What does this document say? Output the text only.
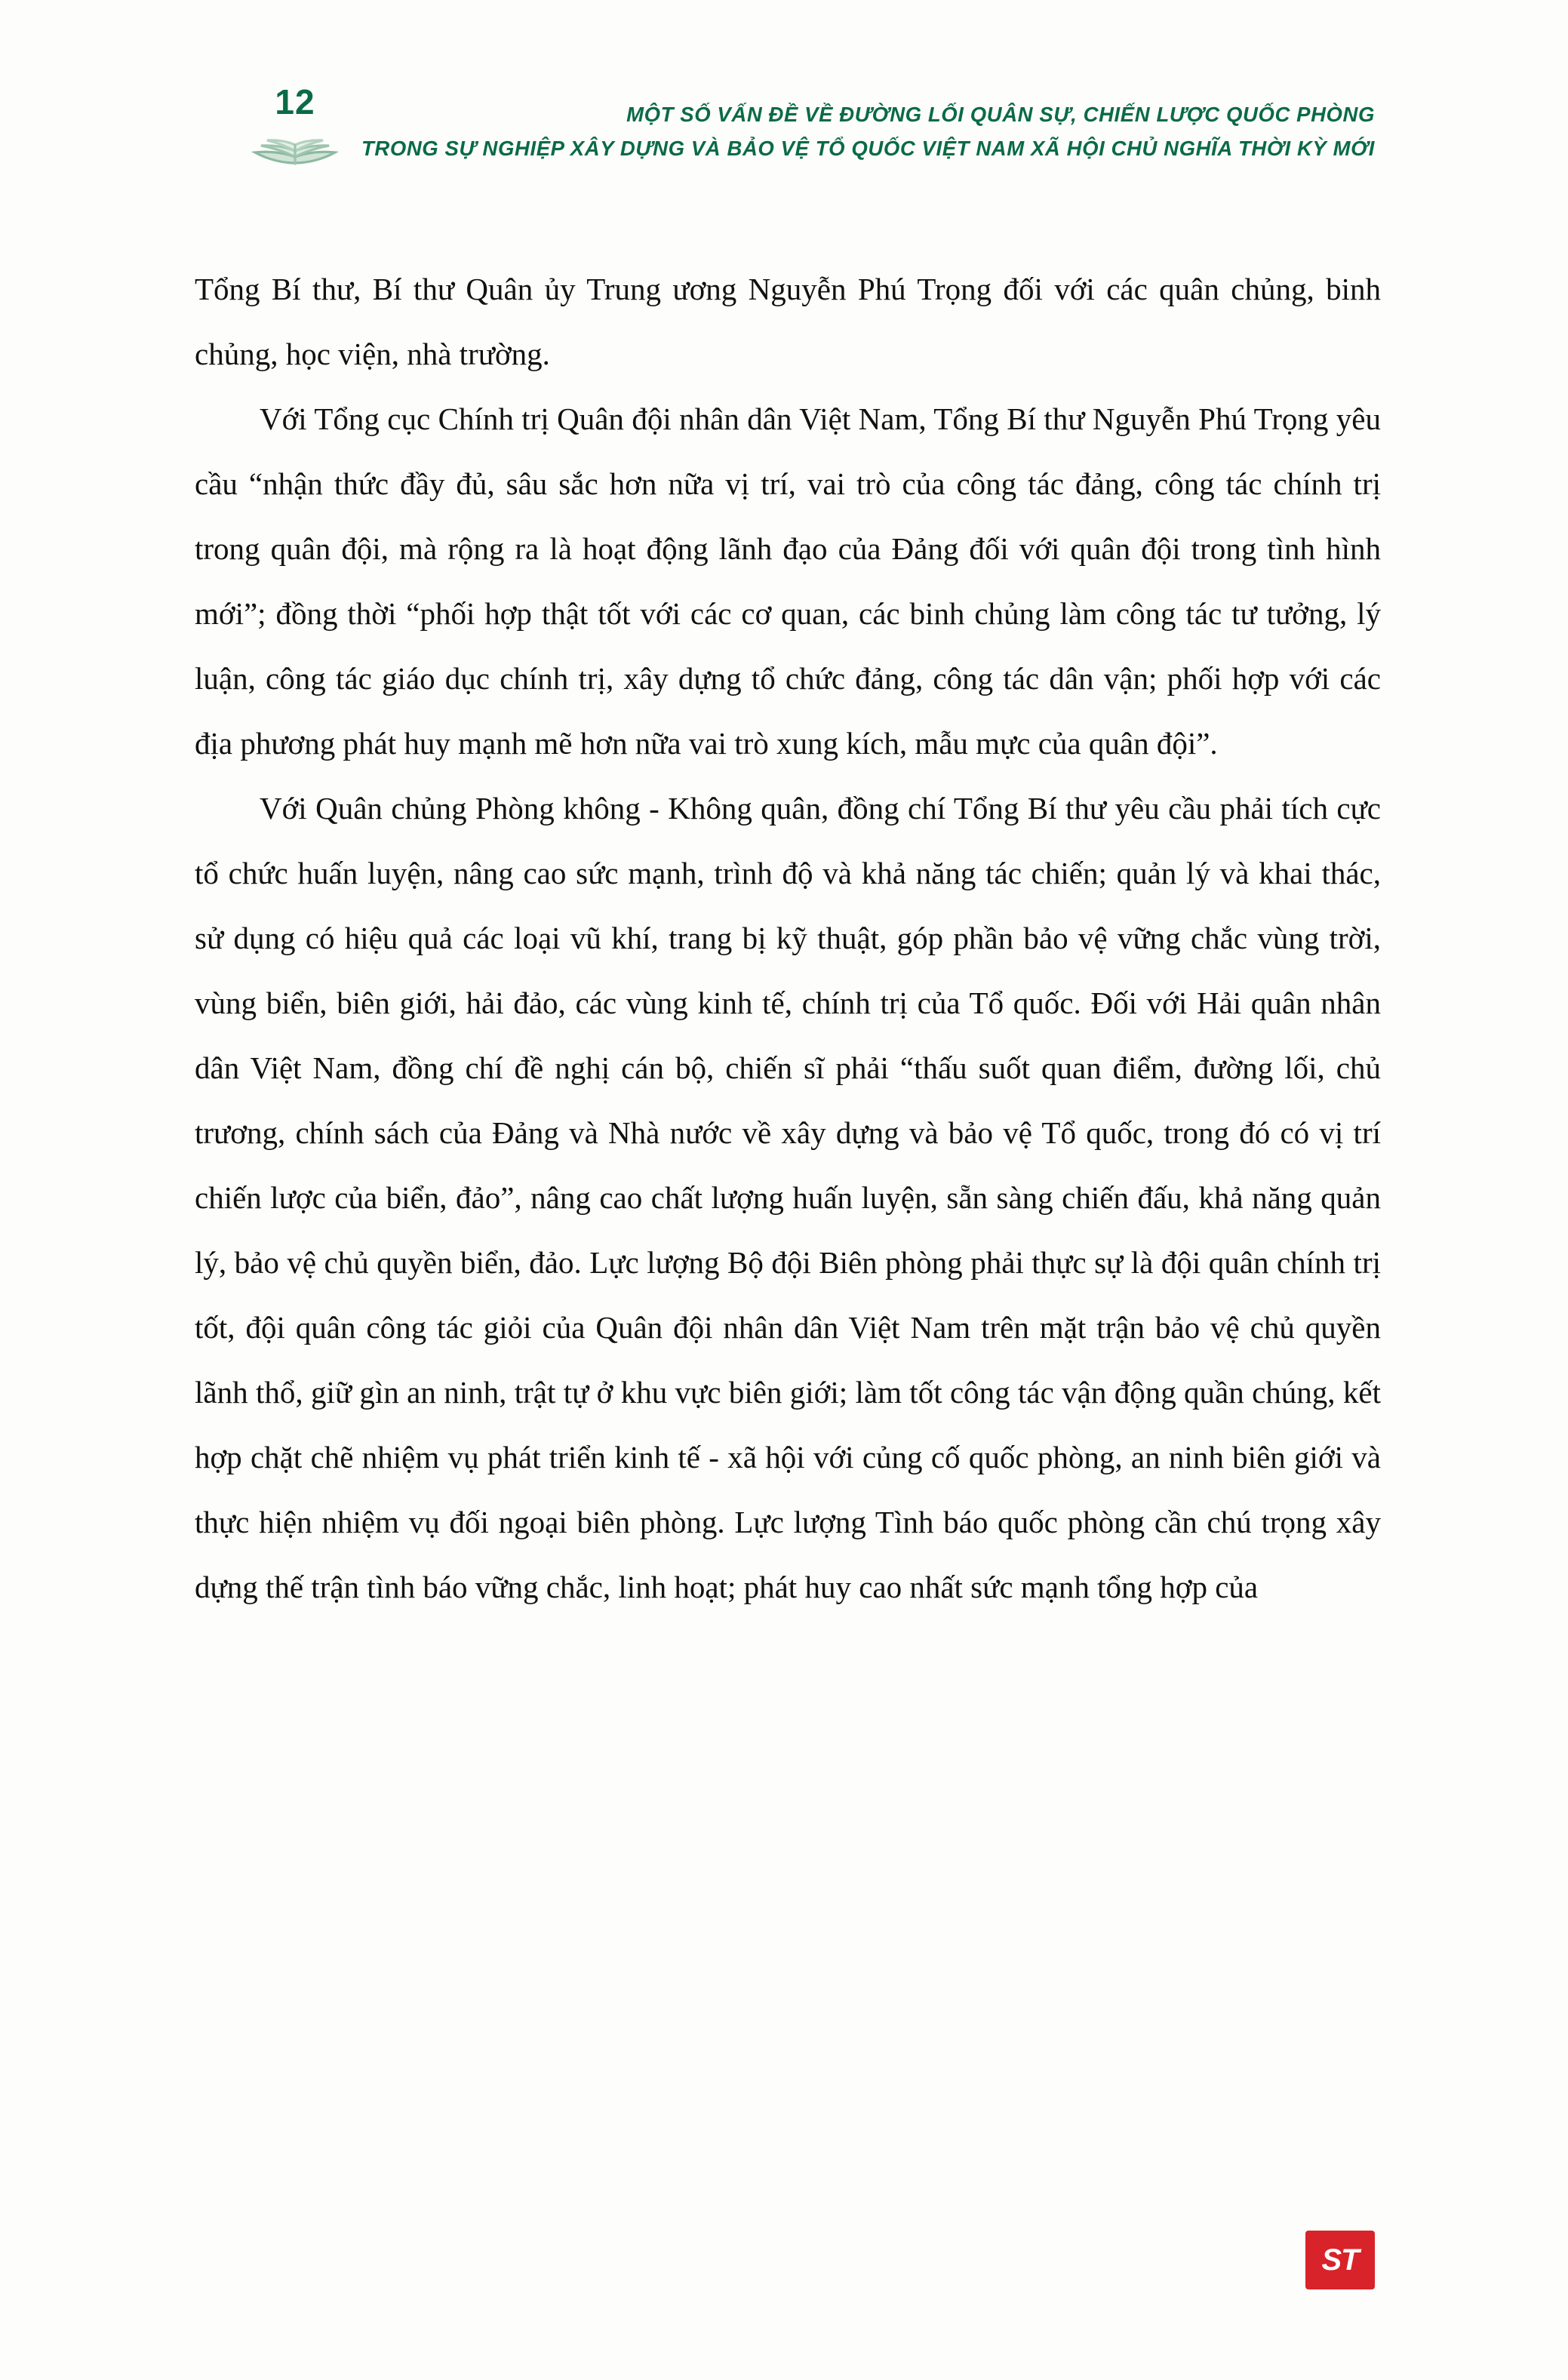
12	MỘT SỐ VẤN ĐỀ VỀ ĐƯỜNG LỐI QUÂN SỰ, CHIẾN LƯỢC QUỐC PHÒNG
TRONG SỰ NGHIỆP XÂY DỰNG VÀ BẢO VỆ TỔ QUỐC VIỆT NAM XÃ HỘI CHỦ NGHĨA THỜI KỲ MỚI

Tổng Bí thư, Bí thư Quân ủy Trung ương Nguyễn Phú Trọng đối với các quân chủng, binh chủng, học viện, nhà trường.

Với Tổng cục Chính trị Quân đội nhân dân Việt Nam, Tổng Bí thư Nguyễn Phú Trọng yêu cầu “nhận thức đầy đủ, sâu sắc hơn nữa vị trí, vai trò của công tác đảng, công tác chính trị trong quân đội, mà rộng ra là hoạt động lãnh đạo của Đảng đối với quân đội trong tình hình mới”; đồng thời “phối hợp thật tốt với các cơ quan, các binh chủng làm công tác tư tưởng, lý luận, công tác giáo dục chính trị, xây dựng tổ chức đảng, công tác dân vận; phối hợp với các địa phương phát huy mạnh mẽ hơn nữa vai trò xung kích, mẫu mực của quân đội”.

Với Quân chủng Phòng không - Không quân, đồng chí Tổng Bí thư yêu cầu phải tích cực tổ chức huấn luyện, nâng cao sức mạnh, trình độ và khả năng tác chiến; quản lý và khai thác, sử dụng có hiệu quả các loại vũ khí, trang bị kỹ thuật, góp phần bảo vệ vững chắc vùng trời, vùng biển, biên giới, hải đảo, các vùng kinh tế, chính trị của Tổ quốc. Đối với Hải quân nhân dân Việt Nam, đồng chí đề nghị cán bộ, chiến sĩ phải “thấu suốt quan điểm, đường lối, chủ trương, chính sách của Đảng và Nhà nước về xây dựng và bảo vệ Tổ quốc, trong đó có vị trí chiến lược của biển, đảo”, nâng cao chất lượng huấn luyện, sẵn sàng chiến đấu, khả năng quản lý, bảo vệ chủ quyền biển, đảo. Lực lượng Bộ đội Biên phòng phải thực sự là đội quân chính trị tốt, đội quân công tác giỏi của Quân đội nhân dân Việt Nam trên mặt trận bảo vệ chủ quyền lãnh thổ, giữ gìn an ninh, trật tự ở khu vực biên giới; làm tốt công tác vận động quần chúng, kết hợp chặt chẽ nhiệm vụ phát triển kinh tế - xã hội với củng cố quốc phòng, an ninh biên giới và thực hiện nhiệm vụ đối ngoại biên phòng. Lực lượng Tình báo quốc phòng cần chú trọng xây dựng thế trận tình báo vững chắc, linh hoạt; phát huy cao nhất sức mạnh tổng hợp của

ST
